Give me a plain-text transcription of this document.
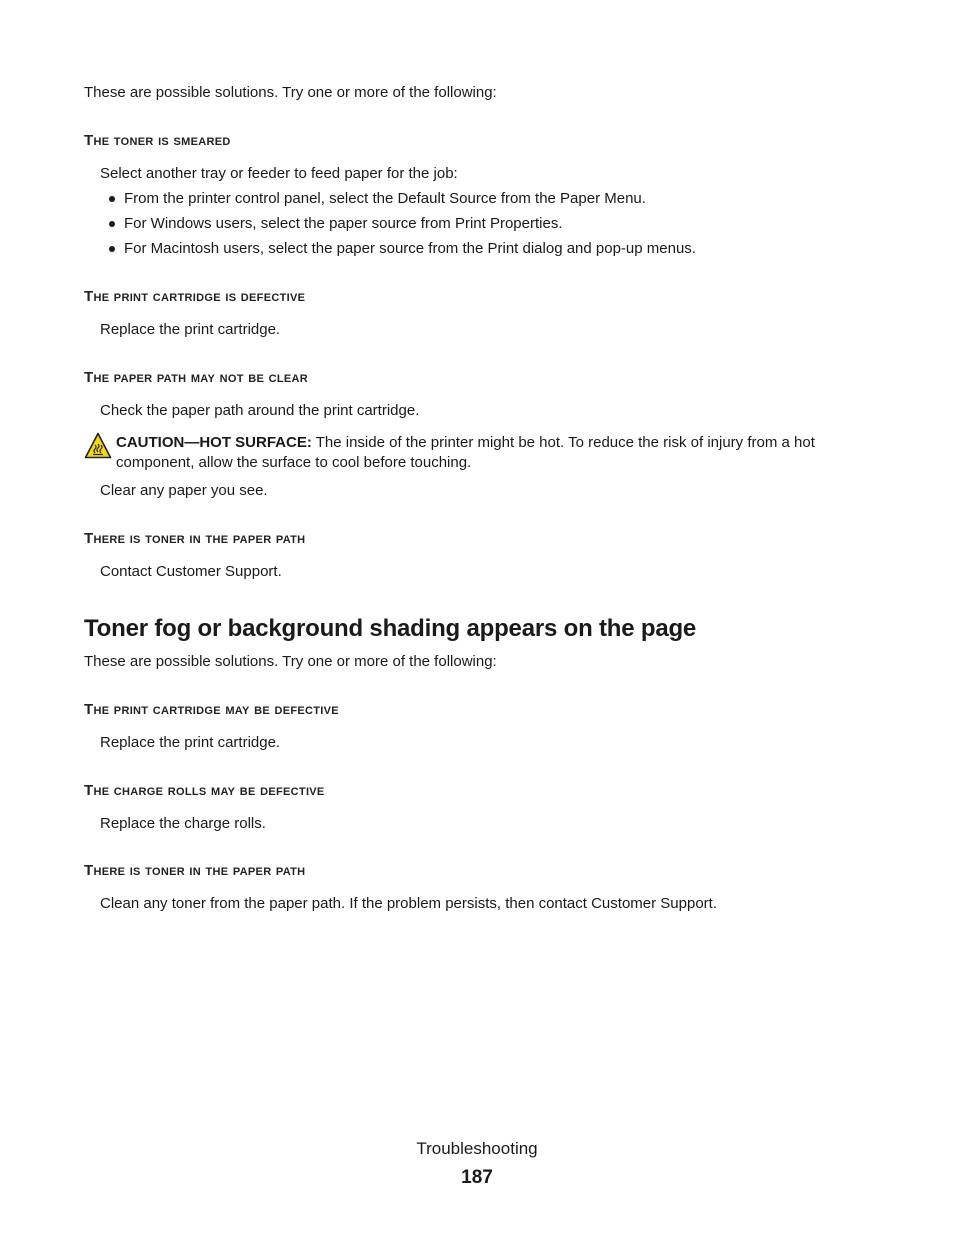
These are possible solutions. Try one or more of the following:
The toner is smeared
Select another tray or feeder to feed paper for the job:
From the printer control panel, select the Default Source from the Paper Menu.
For Windows users, select the paper source from Print Properties.
For Macintosh users, select the paper source from the Print dialog and pop-up menus.
The print cartridge is defective
Replace the print cartridge.
The paper path may not be clear
Check the paper path around the print cartridge.
CAUTION—HOT SURFACE: The inside of the printer might be hot. To reduce the risk of injury from a hot component, allow the surface to cool before touching.
Clear any paper you see.
There is toner in the paper path
Contact Customer Support.
Toner fog or background shading appears on the page
These are possible solutions. Try one or more of the following:
The print cartridge may be defective
Replace the print cartridge.
The charge rolls may be defective
Replace the charge rolls.
There is toner in the paper path
Clean any toner from the paper path. If the problem persists, then contact Customer Support.
Troubleshooting
187
